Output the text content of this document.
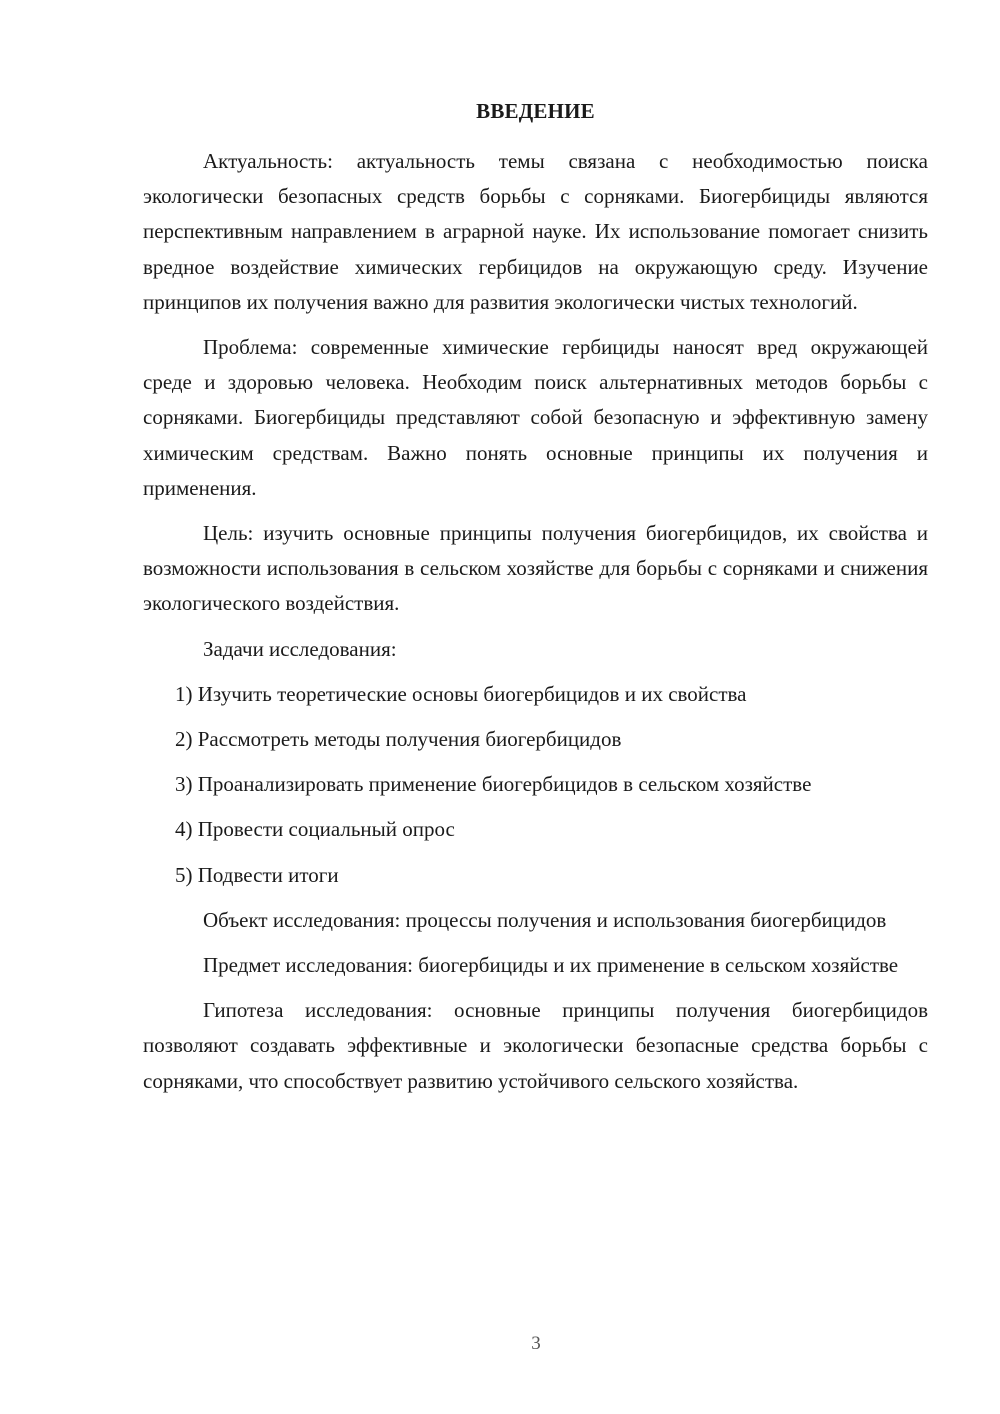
ВВЕДЕНИЕ

Актуальность: актуальность темы связана с необходимостью поиска экологически безопасных средств борьбы с сорняками. Биогербициды являются перспективным направлением в аграрной науке. Их использование помогает снизить вредное воздействие химических гербицидов на окружающую среду. Изучение принципов их получения важно для развития экологически чистых технологий.

Проблема: современные химические гербициды наносят вред окружающей среде и здоровью человека. Необходим поиск альтернативных методов борьбы с сорняками. Биогербициды представляют собой безопасную и эффективную замену химическим средствам. Важно понять основные принципы их получения и применения.

Цель: изучить основные принципы получения биогербицидов, их свойства и возможности использования в сельском хозяйстве для борьбы с сорняками и снижения экологического воздействия.

Задачи исследования:

1) Изучить теоретические основы биогербицидов и их свойства

2) Рассмотреть методы получения биогербицидов

3) Проанализировать применение биогербицидов в сельском хозяйстве

4) Провести социальный опрос

5) Подвести итоги

Объект исследования: процессы получения и использования биогербицидов

Предмет исследования: биогербициды и их применение в сельском хозяйстве

Гипотеза исследования: основные принципы получения биогербицидов позволяют создавать эффективные и экологически безопасные средства борьбы с сорняками, что способствует развитию устойчивого сельского хозяйства.

3
